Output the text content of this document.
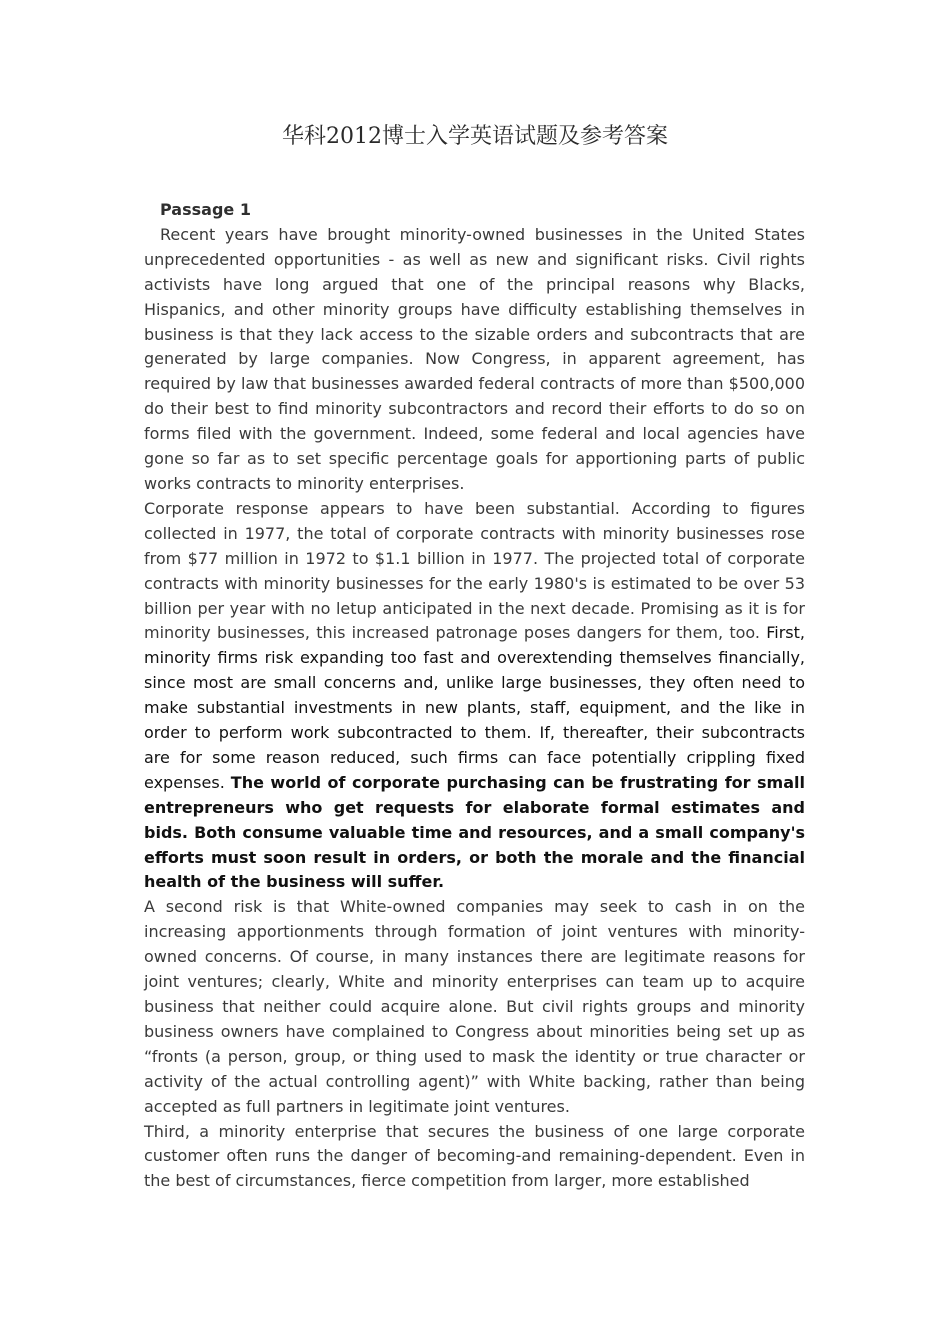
华科2012博士入学英语试题及参考答案

Passage 1

Recent years have brought minority-owned businesses in the United States unprecedented opportunities - as well as new and significant risks. Civil rights activists have long argued that one of the principal reasons why Blacks, Hispanics, and other minority groups have difficulty establishing themselves in business is that they lack access to the sizable orders and subcontracts that are generated by large companies. Now Congress, in apparent agreement, has required by law that businesses awarded federal contracts of more than $500,000 do their best to find minority subcontractors and record their efforts to do so on forms filed with the government. Indeed, some federal and local agencies have gone so far as to set specific percentage goals for apportioning parts of public works contracts to minority enterprises.

Corporate response appears to have been substantial. According to figures collected in 1977, the total of corporate contracts with minority businesses rose from $77 million in 1972 to $1.1 billion in 1977. The projected total of corporate contracts with minority businesses for the early 1980's is estimated to be over 53 billion per year with no letup anticipated in the next decade. Promising as it is for minority businesses, this increased patronage poses dangers for them, too. First, minority firms risk expanding too fast and overextending themselves financially, since most are small concerns and, unlike large businesses, they often need to make substantial investments in new plants, staff, equipment, and the like in order to perform work subcontracted to them. If, thereafter, their subcontracts are for some reason reduced, such firms can face potentially crippling fixed expenses. The world of corporate purchasing can be frustrating for small entrepreneurs who get requests for elaborate formal estimates and bids. Both consume valuable time and resources, and a small company's efforts must soon result in orders, or both the morale and the financial health of the business will suffer.

A second risk is that White-owned companies may seek to cash in on the increasing apportionments through formation of joint ventures with minority-owned concerns. Of course, in many instances there are legitimate reasons for joint ventures; clearly, White and minority enterprises can team up to acquire business that neither could acquire alone. But civil rights groups and minority business owners have complained to Congress about minorities being set up as “fronts (a person, group, or thing used to mask the identity or true character or activity of the actual controlling agent)” with White backing, rather than being accepted as full partners in legitimate joint ventures.

Third, a minority enterprise that secures the business of one large corporate customer often runs the danger of becoming-and remaining-dependent. Even in the best of circumstances, fierce competition from larger, more established
